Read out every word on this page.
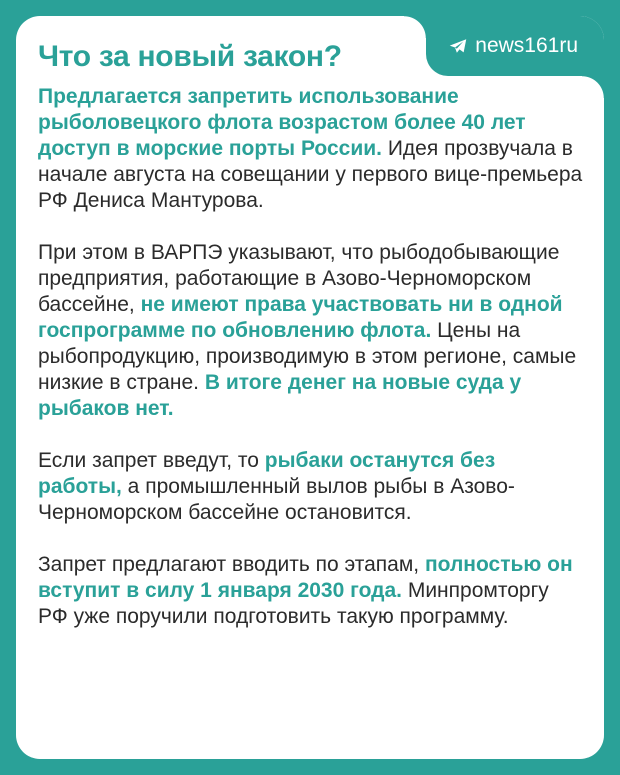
news161ru
Что за новый закон?

Предлагается запретить использование рыболовецкого флота возрастом более 40 лет доступ в морские порты России. Идея прозвучала в начале августа на совещании у первого вице-премьера РФ Дениса Мантурова.

При этом в ВАРПЭ указывают, что рыбодобывающие предприятия, работающие в Азово-Черноморском бассейне, не имеют права участвовать ни в одной госпрограмме по обновлению флота. Цены на рыбопродукцию, производимую в этом регионе, самые низкие в стране. В итоге денег на новые суда у рыбаков нет.

Если запрет введут, то рыбаки останутся без работы, а промышленный вылов рыбы в Азово-Черноморском бассейне остановится.

Запрет предлагают вводить по этапам, полностью он вступит в силу 1 января 2030 года. Минпромторгу РФ уже поручили подготовить такую программу.
